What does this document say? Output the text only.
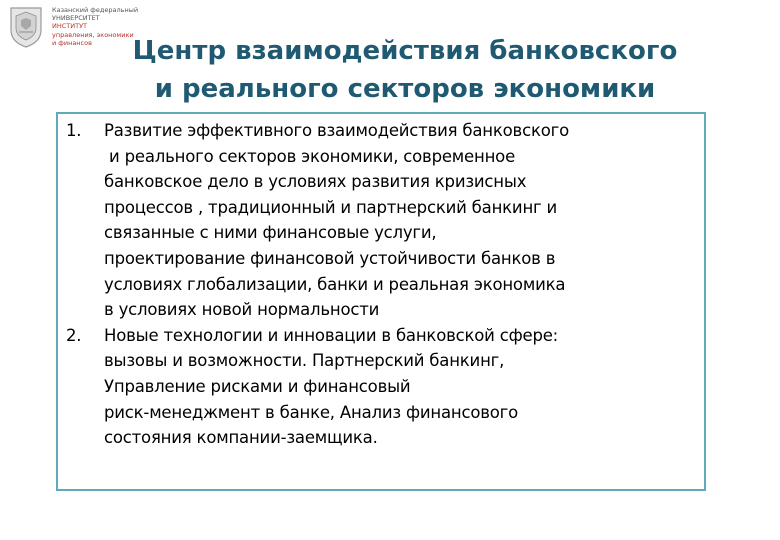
Казанский федеральный
УНИВЕРСИТЕТ
ИНСТИТУТ
управления, экономики
и финансов	Центр взаимодействия банковского
и реального секторов экономики
1. Развитие эффективного взаимодействия банковского
и реального секторов экономики, современное
банковское дело в условиях развития кризисных
процессов , традиционный и партнерский банкинг и
связанные с ними финансовые услуги,
проектирование финансовой устойчивости банков в
условиях глобализации, банки и реальная экономика
в условиях новой нормальности
2. Новые технологии и инновации в банковской сфере:
вызовы и возможности. Партнерский банкинг,
Управление рисками и финансовый
риск-менеджмент в банке, Анализ финансового
состояния компании-заемщика.
